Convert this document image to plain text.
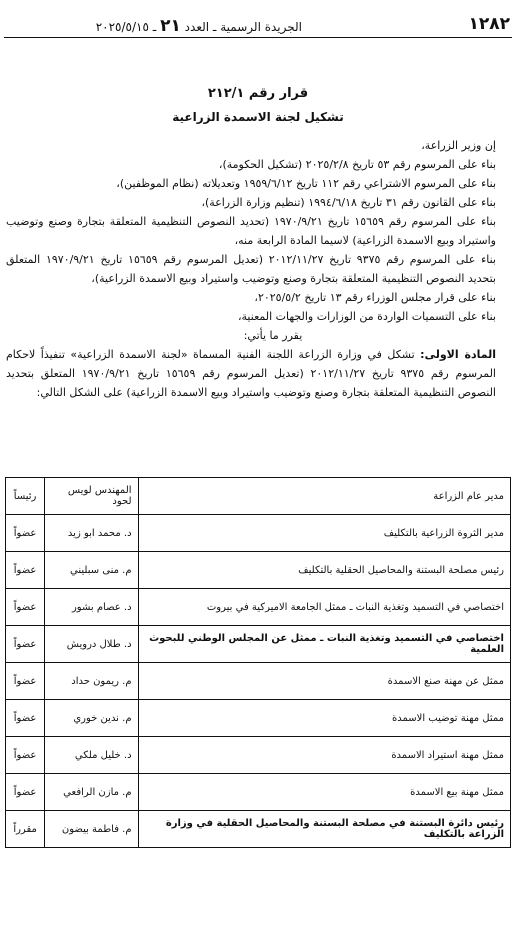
١٢٨٢
الجريدة الرسمية ـ العدد ٢١ ـ ٢٠٢٥/٥/١٥
قرار رقم ٢١٢/١
تشكيل لجنة الاسمدة الزراعية

إن وزير الزراعة،

بناء على المرسوم رقم ٥٣ تاريخ ٢٠٢٥/٢/٨ (تشكيل الحكومة)،

بناء على المرسوم الاشتراعي رقم ١١٢ تاريخ ١٩٥٩/٦/١٢ وتعديلاته (نظام الموظفين)،

بناء على القانون رقم ٣١ تاريخ ١٩٩٤/٦/١٨ (تنظيم وزارة الزراعة)،

بناء على المرسوم رقم ١٥٦٥٩ تاريخ ١٩٧٠/٩/٢١ (تحديد النصوص التنظيمية المتعلقة بتجارة وصنع وتوضيب واستيراد وبيع الاسمدة الزراعية) لاسيما المادة الرابعة منه،

بناء على المرسوم رقم ٩٣٧٥ تاريخ ٢٠١٢/١١/٢٧ (تعديل المرسوم رقم ١٥٦٥٩ تاريخ ١٩٧٠/٩/٢١ المتعلق بتحديد النصوص التنظيمية المتعلقة بتجارة وصنع وتوضيب واستيراد وبيع الاسمدة الزراعية)،

بناء على قرار مجلس الوزراء رقم ١٣ تاريخ ٢٠٢٥/٥/٢،

بناء على التسميات الواردة من الوزارات والجهات المعنية،

يقرر ما يأتي:

المادة الاولى: تشكل في وزارة الزراعة اللجنة الفنية المسماة «لجنة الاسمدة الزراعية» تنفيذاً لاحكام المرسوم رقم ٩٣٧٥ تاريخ ٢٠١٢/١١/٢٧ (تعديل المرسوم رقم ١٥٦٥٩ تاريخ ١٩٧٠/٩/٢١ المتعلق بتحديد النصوص التنظيمية المتعلقة بتجارة وصنع وتوضيب واستيراد وبيع الاسمدة الزراعية) على الشكل التالي:

مدير عام الزراعة	المهندس لويس لحود	رئيساً
مدير الثروة الزراعية بالتكليف	د. محمد ابو زيد	عضواً
رئيس مصلحة البستنة والمحاصيل الحقلية بالتكليف	م. منى سبليني	عضواً
اختصاصي في التسميد وتغذية النبات ـ ممثل الجامعة الاميركية في بيروت	د. عصام بشور	عضواً
اختصاصي في التسميد وتغذية النبات ـ ممثل عن المجلس الوطني للبحوث العلمية	د. طلال درويش	عضواً
ممثل عن مهنة صنع الاسمدة	م. ريمون حداد	عضواً
ممثل مهنة توضيب الاسمدة	م. ندين خوري	عضواً
ممثل مهنة استيراد الاسمدة	د. خليل ملكي	عضواً
ممثل مهنة بيع الاسمدة	م. مازن الرافعي	عضواً
رئيس دائرة البستنة في مصلحة البستنة والمحاصيل الحقلية في وزارة الزراعة بالتكليف	م. فاطمة بيضون	مقرراً
